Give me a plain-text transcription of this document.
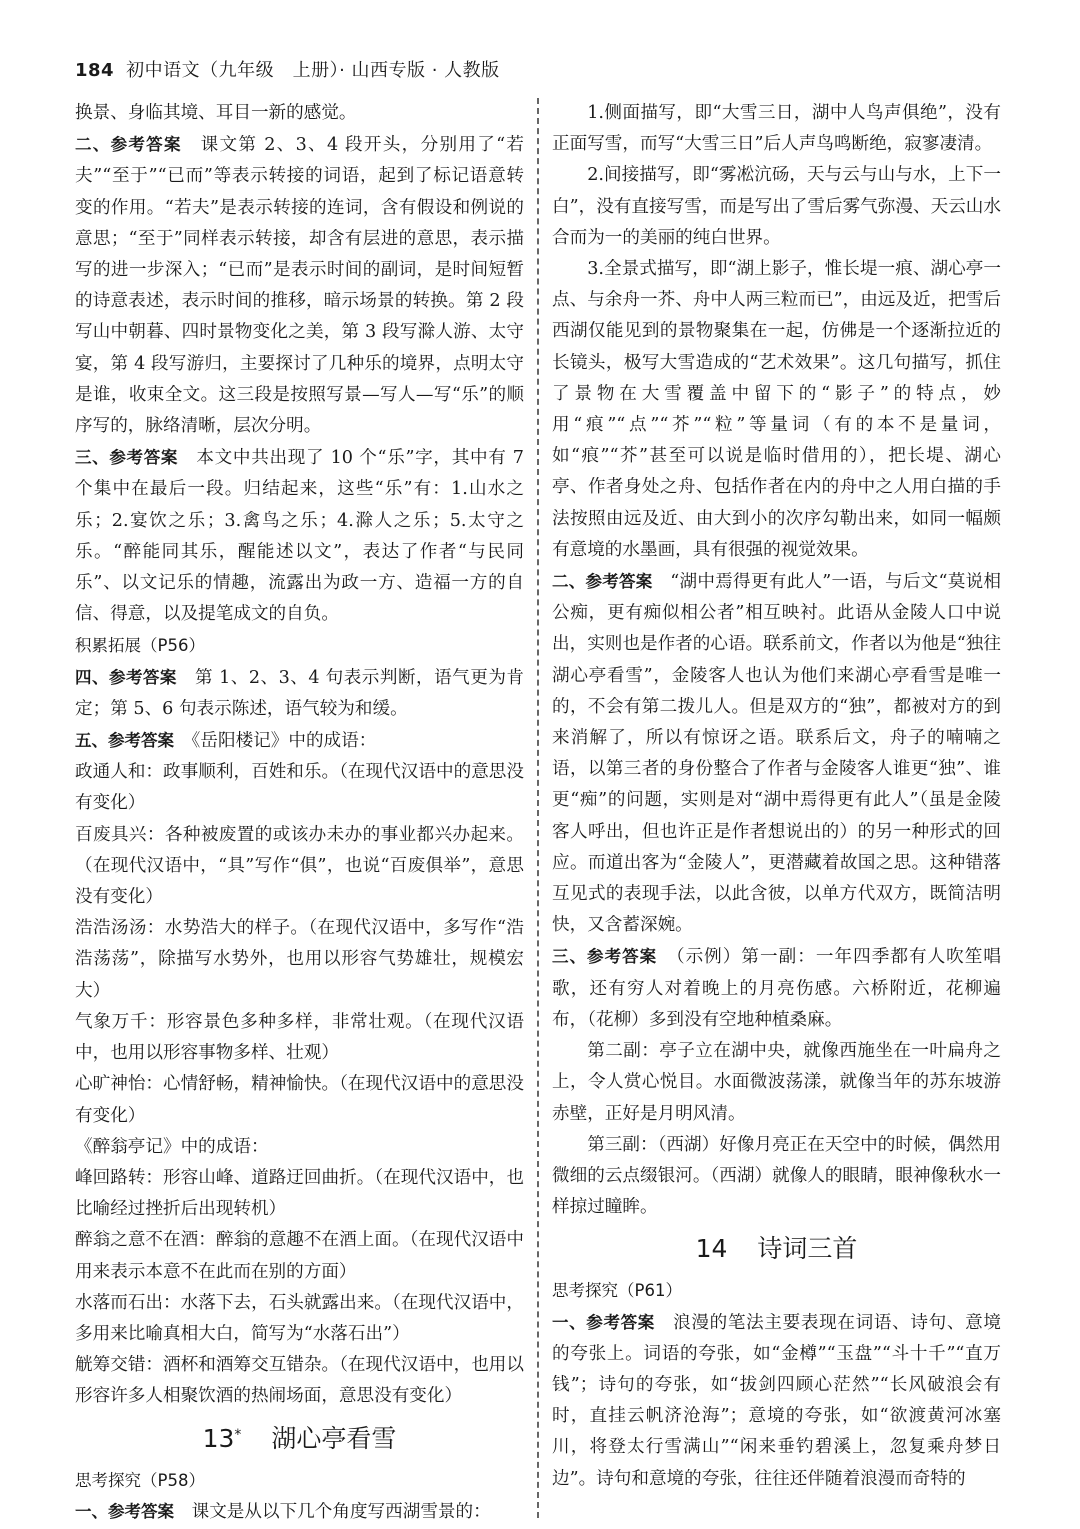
184 初中语文（九年级　上册）· 山西专版 · 人教版

换景、身临其境、耳目一新的感觉。

二、参考答案　课文第 2、3、4 段开头，分别用了“若夫”“至于”“已而”等表示转接的词语，起到了标记语意转变的作用。“若夫”是表示转接的连词，含有假设和例说的意思；“至于”同样表示转接，却含有层进的意思，表示描写的进一步深入；“已而”是表示时间的副词，是时间短暂的诗意表述，表示时间的推移，暗示场景的转换。第 2 段写山中朝暮、四时景物变化之美，第 3 段写滁人游、太守宴，第 4 段写游归，主要探讨了几种乐的境界，点明太守是谁，收束全文。这三段是按照写景—写人—写“乐”的顺序写的，脉络清晰，层次分明。

三、参考答案　本文中共出现了 10 个“乐”字，其中有 7 个集中在最后一段。归结起来，这些“乐”有：1.山水之乐；2.宴饮之乐；3.禽鸟之乐；4.滁人之乐；5.太守之乐。“醉能同其乐，醒能述以文”，表达了作者“与民同乐”、以文记乐的情趣，流露出为政一方、造福一方的自信、得意，以及提笔成文的自负。

积累拓展（P56）

四、参考答案　第 1、2、3、4 句表示判断，语气更为肯定；第 5、6 句表示陈述，语气较为和缓。

五、参考答案　《岳阳楼记》中的成语：

政通人和：政事顺利，百姓和乐。（在现代汉语中的意思没有变化）

百废具兴：各种被废置的或该办未办的事业都兴办起来。（在现代汉语中，“具”写作“俱”，也说“百废俱举”，意思没有变化）

浩浩汤汤：水势浩大的样子。（在现代汉语中，多写作“浩浩荡荡”，除描写水势外，也用以形容气势雄壮，规模宏大）

气象万千：形容景色多种多样，非常壮观。（在现代汉语中，也用以形容事物多样、壮观）

心旷神怡：心情舒畅，精神愉快。（在现代汉语中的意思没有变化）

《醉翁亭记》中的成语：

峰回路转：形容山峰、道路迂回曲折。（在现代汉语中，也比喻经过挫折后出现转机）

醉翁之意不在酒：醉翁的意趣不在酒上面。（在现代汉语中用来表示本意不在此而在别的方面）

水落而石出：水落下去，石头就露出来。（在现代汉语中，多用来比喻真相大白，简写为“水落石出”）

觥筹交错：酒杯和酒筹交互错杂。（在现代汉语中，也用以形容许多人相聚饮酒的热闹场面，意思没有变化）

13* 湖心亭看雪

思考探究（P58）

一、参考答案　课文是从以下几个角度写西湖雪景的：

1.侧面描写，即“大雪三日，湖中人鸟声俱绝”，没有正面写雪，而写“大雪三日”后人声鸟鸣断绝，寂寥凄清。

2.间接描写，即“雾凇沆砀，天与云与山与水，上下一白”，没有直接写雪，而是写出了雪后雾气弥漫、天云山水合而为一的美丽的纯白世界。

3.全景式描写，即“湖上影子，惟长堤一痕、湖心亭一点、与余舟一芥、舟中人两三粒而已”，由远及近，把雪后西湖仅能见到的景物聚集在一起，仿佛是一个逐渐拉近的长镜头，极写大雪造成的“艺术效果”。这几句描写，抓住了景物在大雪覆盖中留下的“影子”的特点，妙用“痕”“点”“芥”“粒”等量词（有的本不是量词，如“痕”“芥”甚至可以说是临时借用的），把长堤、湖心亭、作者身处之舟、包括作者在内的舟中之人用白描的手法按照由远及近、由大到小的次序勾勒出来，如同一幅颇有意境的水墨画，具有很强的视觉效果。

二、参考答案　“湖中焉得更有此人”一语，与后文“莫说相公痴，更有痴似相公者”相互映衬。此语从金陵人口中说出，实则也是作者的心语。联系前文，作者以为他是“独往湖心亭看雪”，金陵客人也认为他们来湖心亭看雪是唯一的，不会有第二拨儿人。但是双方的“独”，都被对方的到来消解了，所以有惊讶之语。联系后文，舟子的喃喃之语，以第三者的身份整合了作者与金陵客人谁更“独”、谁更“痴”的问题，实则是对“湖中焉得更有此人”（虽是金陵客人呼出，但也许正是作者想说出的）的另一种形式的回应。而道出客为“金陵人”，更潜藏着故国之思。这种错落互见式的表现手法，以此含彼，以单方代双方，既简洁明快，又含蓄深婉。

三、参考答案　（示例）第一副：一年四季都有人吹笙唱歌，还有穷人对着晚上的月亮伤感。六桥附近，花柳遍布，（花柳）多到没有空地种植桑麻。

第二副：亭子立在湖中央，就像西施坐在一叶扁舟之上，令人赏心悦目。水面微波荡漾，就像当年的苏东坡游赤壁，正好是月明风清。

第三副：（西湖）好像月亮正在天空中的时候，偶然用微细的云点缀银河。（西湖）就像人的眼睛，眼神像秋水一样掠过瞳眸。

14 诗词三首

思考探究（P61）

一、参考答案　浪漫的笔法主要表现在词语、诗句、意境的夸张上。词语的夸张，如“金樽”“玉盘”“斗十千”“直万钱”；诗句的夸张，如“拔剑四顾心茫然”“长风破浪会有时，直挂云帆济沧海”；意境的夸张，如“欲渡黄河冰塞川，将登太行雪满山”“闲来垂钓碧溪上，忽复乘舟梦日边”。诗句和意境的夸张，往往还伴随着浪漫而奇特的
